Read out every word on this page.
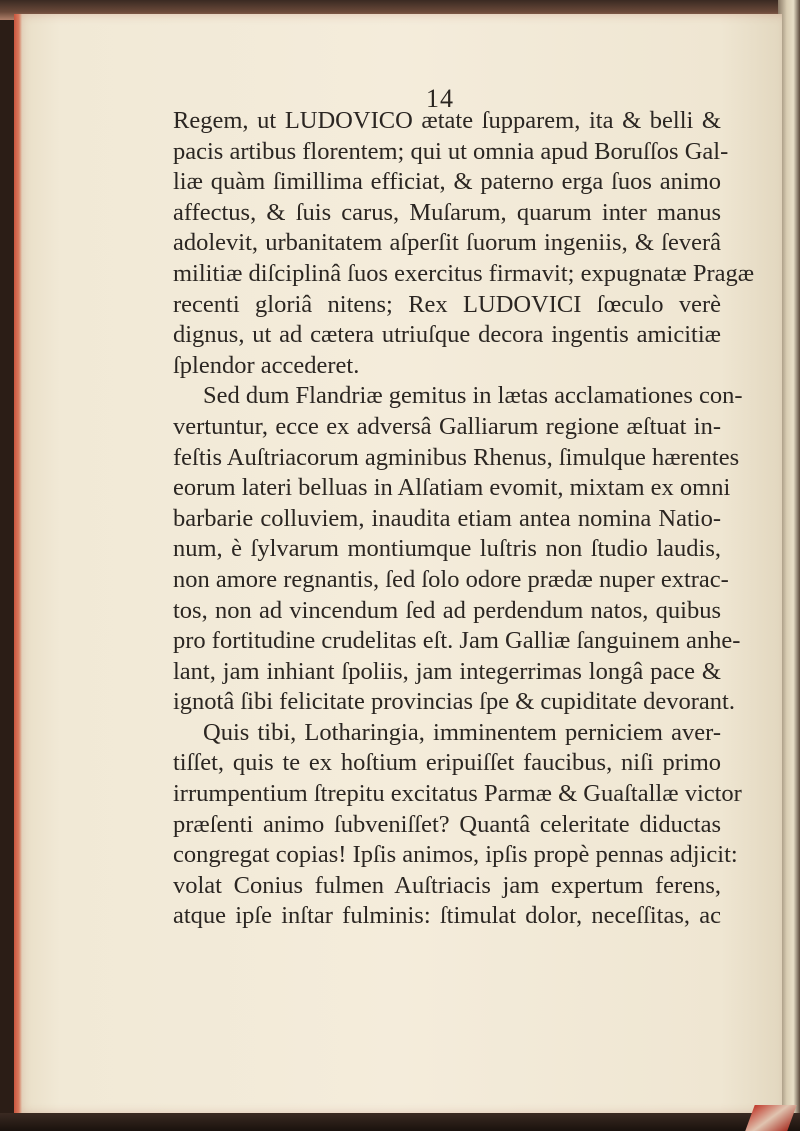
14
Regem, ut LUDOVICO ætate ſupparem, ita & belli &
pacis artibus florentem; qui ut omnia apud Boruſſos Gal-
liæ quàm ſimillima efficiat, & paterno erga ſuos animo
affectus, & ſuis carus, Muſarum, quarum inter manus
adolevit, urbanitatem aſperſit ſuorum ingeniis, & ſeverâ
militiæ diſciplinâ ſuos exercitus firmavit; expugnatæ Pragæ
recenti gloriâ nitens; Rex LUDOVICI ſœculo verè
dignus, ut ad cætera utriuſque decora ingentis amicitiæ
ſplendor accederet.
Sed dum Flandriæ gemitus in lætas acclamationes con-
vertuntur, ecce ex adversâ Galliarum regione æſtuat in-
feſtis Auſtriacorum agminibus Rhenus, ſimulque hærentes
eorum lateri belluas in Alſatiam evomit, mixtam ex omni
barbarie colluviem, inaudita etiam antea nomina Natio-
num, è ſylvarum montiumque luſtris non ſtudio laudis,
non amore regnantis, ſed ſolo odore prædæ nuper extrac-
tos, non ad vincendum ſed ad perdendum natos, quibus
pro fortitudine crudelitas eſt. Jam Galliæ ſanguinem anhe-
lant, jam inhiant ſpoliis, jam integerrimas longâ pace &
ignotâ ſibi felicitate provincias ſpe & cupiditate devorant.
Quis tibi, Lotharingia, imminentem perniciem aver-
tiſſet, quis te ex hoſtium eripuiſſet faucibus, niſi primo
irrumpentium ſtrepitu excitatus Parmæ & Guaſtallæ victor
præſenti animo ſubveniſſet? Quantâ celeritate diductas
congregat copias! Ipſis animos, ipſis propè pennas adjicit:
volat Conius fulmen Auſtriacis jam expertum ferens,
atque ipſe inſtar fulminis: ſtimulat dolor, neceſſitas, ac
